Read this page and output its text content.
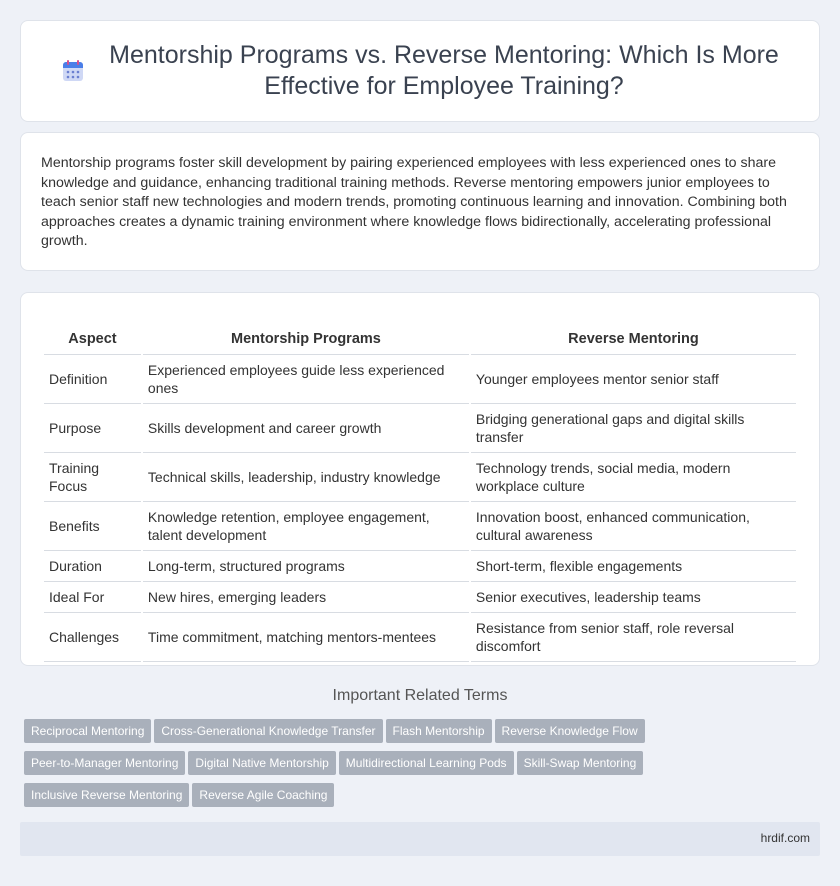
Mentorship Programs vs. Reverse Mentoring: Which Is More Effective for Employee Training?

Mentorship programs foster skill development by pairing experienced employees with less experienced ones to share knowledge and guidance, enhancing traditional training methods. Reverse mentoring empowers junior employees to teach senior staff new technologies and modern trends, promoting continuous learning and innovation. Combining both approaches creates a dynamic training environment where knowledge flows bidirectionally, accelerating professional growth.

Aspect	Mentorship Programs	Reverse Mentoring
Definition	Experienced employees guide less experienced ones	Younger employees mentor senior staff
Purpose	Skills development and career growth	Bridging generational gaps and digital skills transfer
Training Focus	Technical skills, leadership, industry knowledge	Technology trends, social media, modern workplace culture
Benefits	Knowledge retention, employee engagement, talent development	Innovation boost, enhanced communication, cultural awareness
Duration	Long-term, structured programs	Short-term, flexible engagements
Ideal For	New hires, emerging leaders	Senior executives, leadership teams
Challenges	Time commitment, matching mentors-mentees	Resistance from senior staff, role reversal discomfort
Important Related Terms
Reciprocal Mentoring Cross-Generational Knowledge Transfer Flash Mentorship Reverse Knowledge Flow
Peer-to-Manager Mentoring Digital Native Mentorship Multidirectional Learning Pods Skill-Swap Mentoring
Inclusive Reverse Mentoring Reverse Agile Coaching
hrdif.com
